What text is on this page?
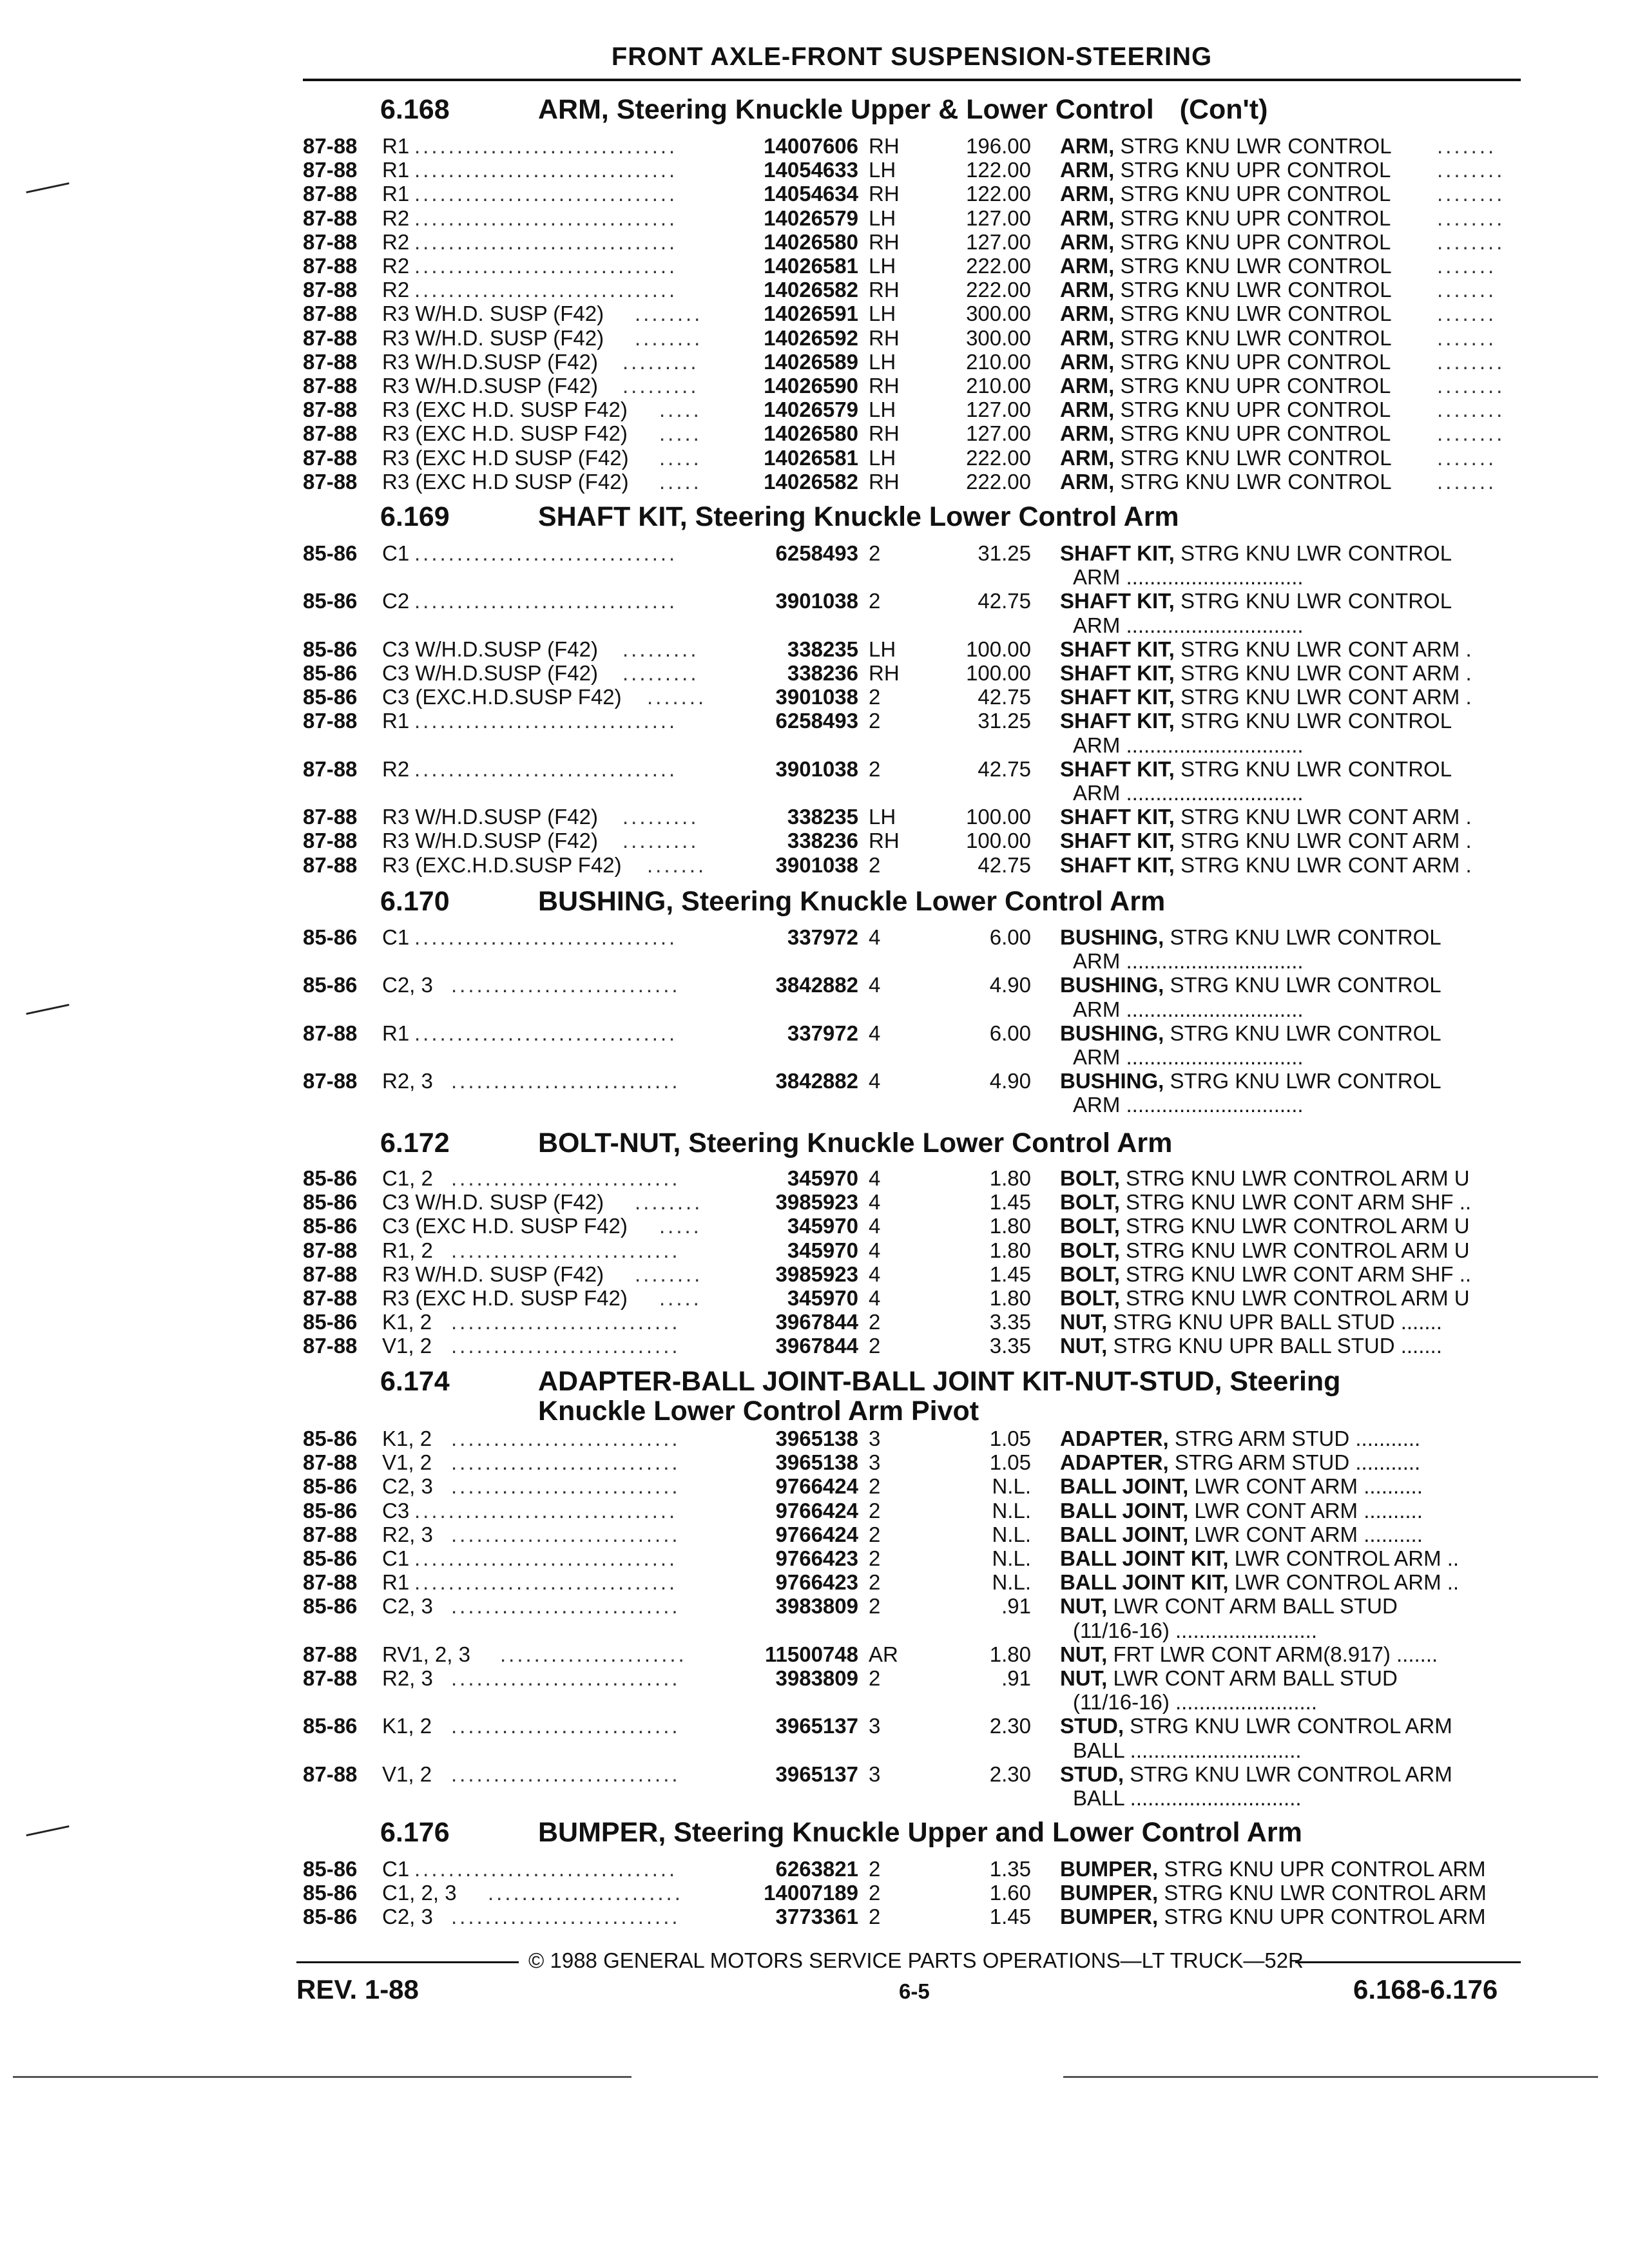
FRONT AXLE-FRONT SUSPENSION-STEERING
6.168	ARM, Steering Knuckle Upper & Lower Control (Con't)
87-88 R1 ...............................	14007606 RH	196.00 ARM, STRG KNU LWR CONTROL .......
87-88 R1 ...............................	14054633 LH	122.00 ARM, STRG KNU UPR CONTROL ........
87-88 R1 ...............................	14054634 RH	122.00 ARM, STRG KNU UPR CONTROL ........
87-88 R2 ...............................	14026579 LH	127.00 ARM, STRG KNU UPR CONTROL ........
87-88 R2 ...............................	14026580 RH	127.00 ARM, STRG KNU UPR CONTROL ........
87-88 R2 ...............................	14026581 LH	222.00 ARM, STRG KNU LWR CONTROL .......
87-88 R2 ...............................	14026582 RH	222.00 ARM, STRG KNU LWR CONTROL .......
87-88 R3 W/H.D. SUSP (F42) ........	14026591 LH	300.00 ARM, STRG KNU LWR CONTROL .......
87-88 R3 W/H.D. SUSP (F42) ........	14026592 RH	300.00 ARM, STRG KNU LWR CONTROL .......
87-88 R3 W/H.D.SUSP (F42) .........	14026589 LH	210.00 ARM, STRG KNU UPR CONTROL ........
87-88 R3 W/H.D.SUSP (F42) .........	14026590 RH	210.00 ARM, STRG KNU UPR CONTROL ........
87-88 R3 (EXC H.D. SUSP F42) .....	14026579 LH	127.00 ARM, STRG KNU UPR CONTROL ........
87-88 R3 (EXC H.D. SUSP F42) .....	14026580 RH	127.00 ARM, STRG KNU UPR CONTROL ........
87-88 R3 (EXC H.D SUSP (F42) .....	14026581 LH	222.00 ARM, STRG KNU LWR CONTROL .......
87-88 R3 (EXC H.D SUSP (F42) .....	14026582 RH	222.00 ARM, STRG KNU LWR CONTROL .......
6.169	SHAFT KIT, Steering Knuckle Lower Control Arm
85-86 C1 ...............................	6258493 2	31.25 SHAFT KIT, STRG KNU LWR CONTROL
ARM ..............................
85-86 C2 ...............................	3901038 2	42.75 SHAFT KIT, STRG KNU LWR CONTROL
ARM ..............................
85-86 C3 W/H.D.SUSP (F42) .........	338235 LH	100.00 SHAFT KIT, STRG KNU LWR CONT ARM .
85-86 C3 W/H.D.SUSP (F42) .........	338236 RH	100.00 SHAFT KIT, STRG KNU LWR CONT ARM .
85-86 C3 (EXC.H.D.SUSP F42) .......	3901038 2	42.75 SHAFT KIT, STRG KNU LWR CONT ARM .
87-88 R1 ...............................	6258493 2	31.25 SHAFT KIT, STRG KNU LWR CONTROL
ARM ..............................
87-88 R2 ...............................	3901038 2	42.75 SHAFT KIT, STRG KNU LWR CONTROL
ARM ..............................
87-88 R3 W/H.D.SUSP (F42) .........	338235 LH	100.00 SHAFT KIT, STRG KNU LWR CONT ARM .
87-88 R3 W/H.D.SUSP (F42) .........	338236 RH	100.00 SHAFT KIT, STRG KNU LWR CONT ARM .
87-88 R3 (EXC.H.D.SUSP F42) .......	3901038 2	42.75 SHAFT KIT, STRG KNU LWR CONT ARM .
6.170	BUSHING, Steering Knuckle Lower Control Arm
85-86 C1 ...............................	337972 4	6.00 BUSHING, STRG KNU LWR CONTROL
ARM ..............................
85-86 C2, 3 ...........................	3842882 4	4.90 BUSHING, STRG KNU LWR CONTROL
ARM ..............................
87-88 R1 ...............................	337972 4	6.00 BUSHING, STRG KNU LWR CONTROL
ARM ..............................
87-88 R2, 3 ...........................	3842882 4	4.90 BUSHING, STRG KNU LWR CONTROL
ARM ..............................
6.172	BOLT-NUT, Steering Knuckle Lower Control Arm
85-86 C1, 2 ...........................	345970 4	1.80 BOLT, STRG KNU LWR CONTROL ARM U
85-86 C3 W/H.D. SUSP (F42) ........	3985923 4	1.45 BOLT, STRG KNU LWR CONT ARM SHF ..
85-86 C3 (EXC H.D. SUSP F42) .....	345970 4	1.80 BOLT, STRG KNU LWR CONTROL ARM U
87-88 R1, 2 ...........................	345970 4	1.80 BOLT, STRG KNU LWR CONTROL ARM U
87-88 R3 W/H.D. SUSP (F42) ........	3985923 4	1.45 BOLT, STRG KNU LWR CONT ARM SHF ..
87-88 R3 (EXC H.D. SUSP F42) .....	345970 4	1.80 BOLT, STRG KNU LWR CONTROL ARM U
85-86 K1, 2 ...........................	3967844 2	3.35 NUT, STRG KNU UPR BALL STUD .......
87-88 V1, 2 ...........................	3967844 2	3.35 NUT, STRG KNU UPR BALL STUD .......
6.174	ADAPTER-BALL JOINT-BALL JOINT KIT-NUT-STUD, Steering
Knuckle Lower Control Arm Pivot
85-86 K1, 2 ...........................	3965138 3	1.05 ADAPTER, STRG ARM STUD ...........
87-88 V1, 2 ...........................	3965138 3	1.05 ADAPTER, STRG ARM STUD ...........
85-86 C2, 3 ...........................	9766424 2	N.L. BALL JOINT, LWR CONT ARM ..........
85-86 C3 ...............................	9766424 2	N.L. BALL JOINT, LWR CONT ARM ..........
87-88 R2, 3 ...........................	9766424 2	N.L. BALL JOINT, LWR CONT ARM ..........
85-86 C1 ...............................	9766423 2	N.L. BALL JOINT KIT, LWR CONTROL ARM ..
87-88 R1 ...............................	9766423 2	N.L. BALL JOINT KIT, LWR CONTROL ARM ..
85-86 C2, 3 ...........................	3983809 2	.91 NUT, LWR CONT ARM BALL STUD
(11/16-16) ........................
87-88 RV1, 2, 3 ......................	11500748 AR	1.80 NUT, FRT LWR CONT ARM(8.917) .......
87-88 R2, 3 ...........................	3983809 2	.91 NUT, LWR CONT ARM BALL STUD
(11/16-16) ........................
85-86 K1, 2 ...........................	3965137 3	2.30 STUD, STRG KNU LWR CONTROL ARM
BALL .............................
87-88 V1, 2 ...........................	3965137 3	2.30 STUD, STRG KNU LWR CONTROL ARM
BALL .............................
6.176	BUMPER, Steering Knuckle Upper and Lower Control Arm
85-86 C1 ...............................	6263821 2	1.35 BUMPER, STRG KNU UPR CONTROL ARM
85-86 C1, 2, 3 .......................	14007189 2	1.60 BUMPER, STRG KNU LWR CONTROL ARM
85-86 C2, 3 ...........................	3773361 2	1.45 BUMPER, STRG KNU UPR CONTROL ARM
© 1988 GENERAL MOTORS SERVICE PARTS OPERATIONS—LT TRUCK—52R
REV. 1-88	6-5	6.168-6.176
